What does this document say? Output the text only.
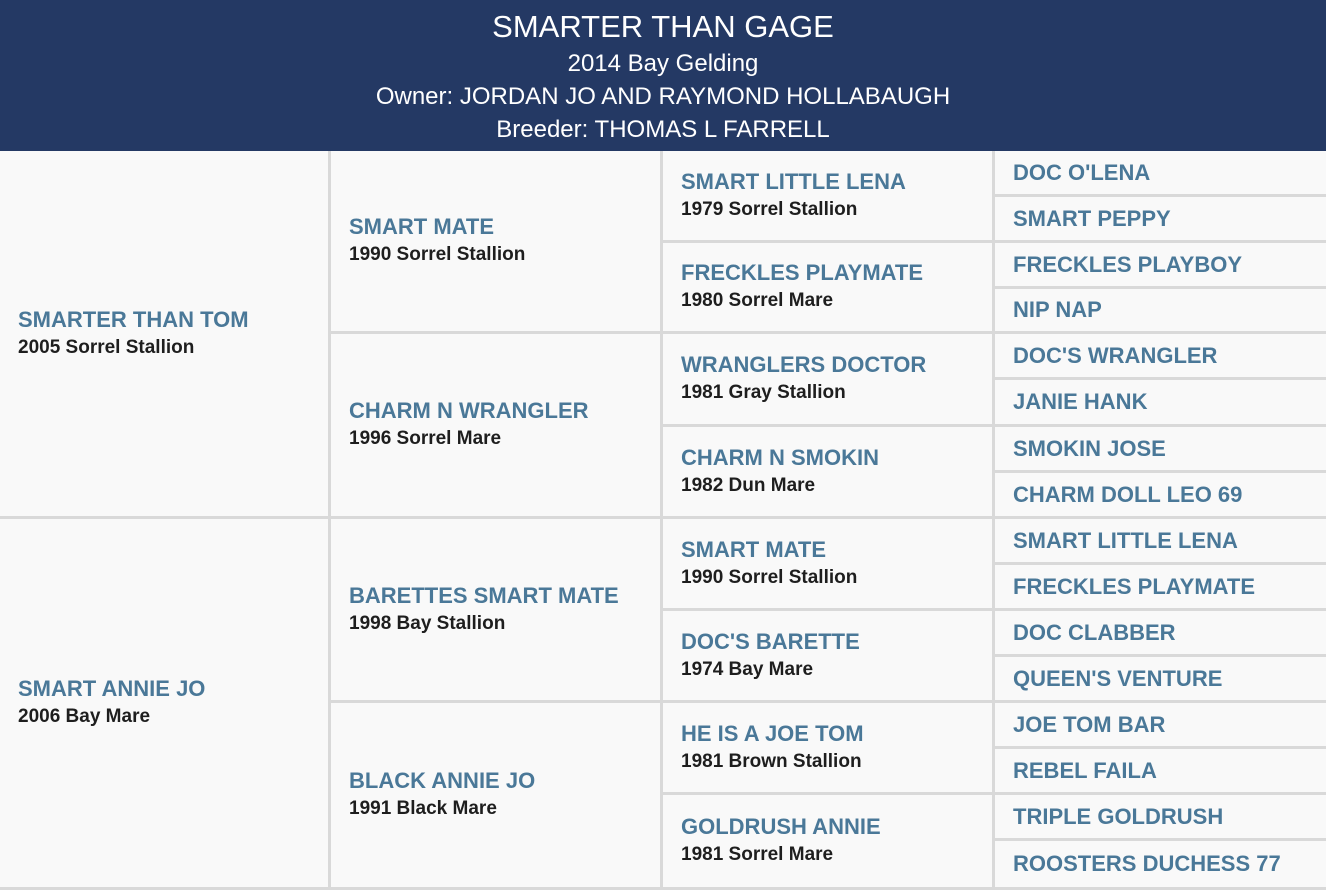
SMARTER THAN GAGE
2014 Bay Gelding
Owner: JORDAN JO AND RAYMOND HOLLABAUGH
Breeder: THOMAS L FARRELL
SMARTER THAN TOM
2005 Sorrel Stallion
SMART ANNIE JO
2006 Bay Mare
SMART MATE
1990 Sorrel Stallion
CHARM N WRANGLER
1996 Sorrel Mare
BARETTES SMART MATE
1998 Bay Stallion
BLACK ANNIE JO
1991 Black Mare
SMART LITTLE LENA
1979 Sorrel Stallion
FRECKLES PLAYMATE
1980 Sorrel Mare
WRANGLERS DOCTOR
1981 Gray Stallion
CHARM N SMOKIN
1982 Dun Mare
SMART MATE
1990 Sorrel Stallion
DOC'S BARETTE
1974 Bay Mare
HE IS A JOE TOM
1981 Brown Stallion
GOLDRUSH ANNIE
1981 Sorrel Mare
DOC O'LENA
SMART PEPPY
FRECKLES PLAYBOY
NIP NAP
DOC'S WRANGLER
JANIE HANK
SMOKIN JOSE
CHARM DOLL LEO 69
SMART LITTLE LENA
FRECKLES PLAYMATE
DOC CLABBER
QUEEN'S VENTURE
JOE TOM BAR
REBEL FAILA
TRIPLE GOLDRUSH
ROOSTERS DUCHESS 77
